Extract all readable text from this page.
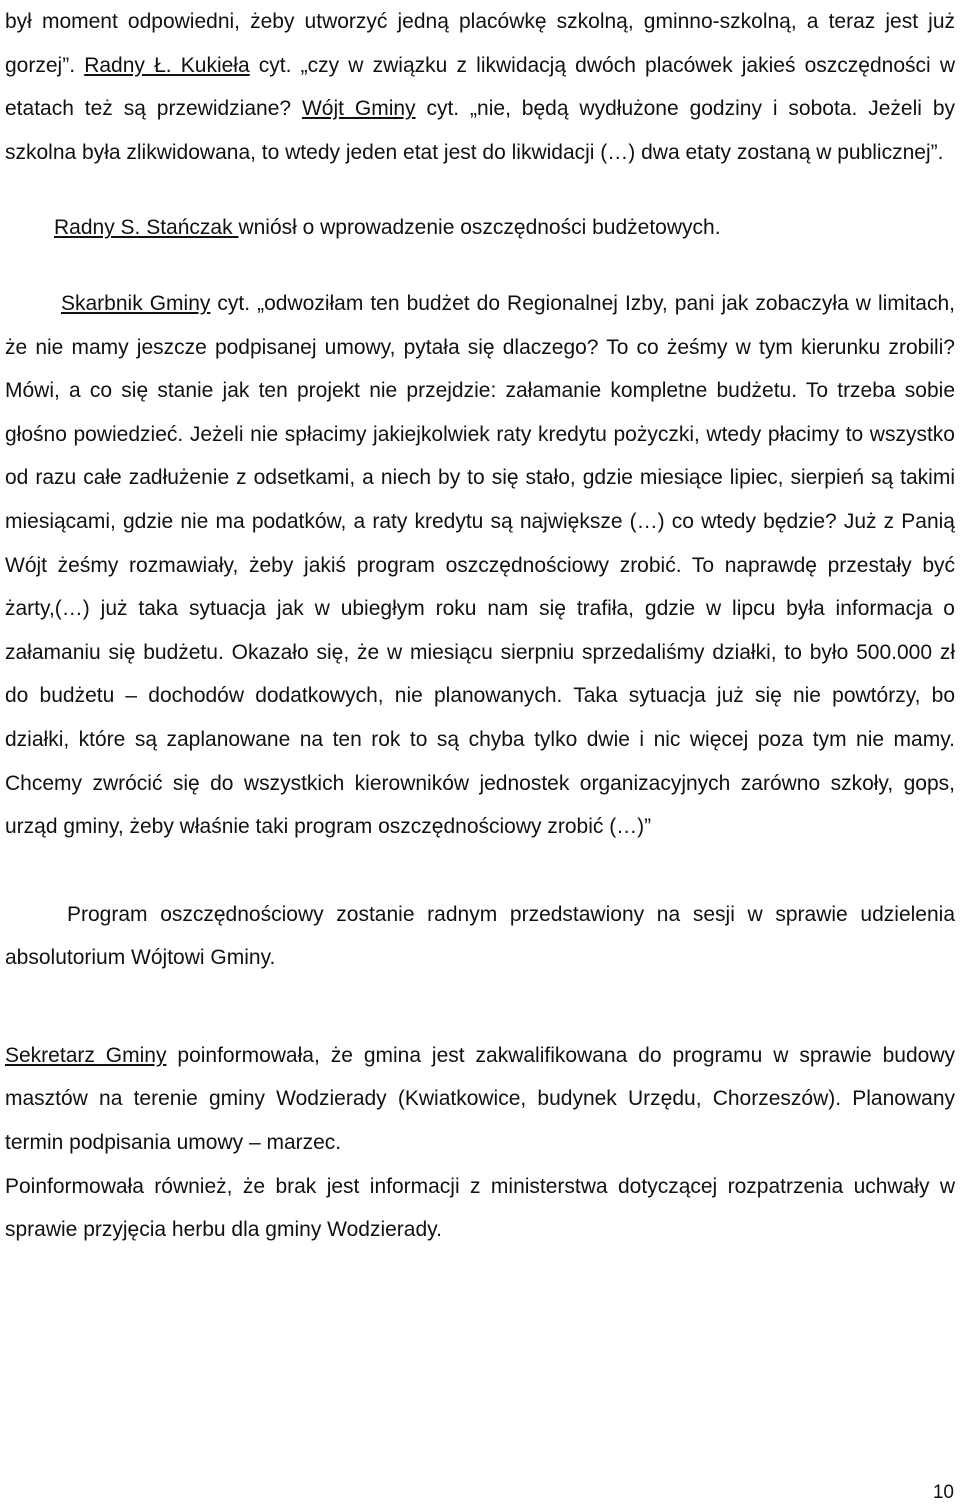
był moment odpowiedni, żeby utworzyć jedną placówkę szkolną, gminno-szkolną, a teraz jest już gorzej”. Radny Ł. Kukieła cyt. „czy w związku z likwidacją dwóch placówek jakieś oszczędności w etatach też są przewidziane? Wójt Gminy cyt. „nie, będą wydłużone godziny i sobota. Jeżeli by szkolna była zlikwidowana, to wtedy jeden etat jest do likwidacji (…) dwa etaty zostaną w publicznej”.

Radny S. Stańczak wniósł o wprowadzenie oszczędności budżetowych.

Skarbnik Gminy cyt. „odwoziłam ten budżet do Regionalnej Izby, pani jak zobaczyła w limitach, że nie mamy jeszcze podpisanej umowy, pytała się dlaczego? To co żeśmy w tym kierunku zrobili? Mówi, a co się stanie jak ten projekt nie przejdzie: załamanie kompletne budżetu. To trzeba sobie głośno powiedzieć. Jeżeli nie spłacimy jakiejkolwiek raty kredytu pożyczki, wtedy płacimy to wszystko od razu całe zadłużenie z odsetkami, a niech by to się stało, gdzie miesiące lipiec, sierpień są takimi miesiącami, gdzie nie ma podatków, a raty kredytu są największe (…) co wtedy będzie? Już z Panią Wójt żeśmy rozmawiały, żeby jakiś program oszczędnościowy zrobić. To naprawdę przestały być żarty,(…) już taka sytuacja jak w ubiegłym roku nam się trafiła, gdzie w lipcu była informacja o załamaniu się budżetu. Okazało się, że w miesiącu sierpniu sprzedaliśmy działki, to było 500.000 zł do budżetu – dochodów dodatkowych, nie planowanych. Taka sytuacja już się nie powtórzy, bo działki, które są zaplanowane na ten rok to są chyba tylko dwie i nic więcej poza tym nie mamy. Chcemy zwrócić się do wszystkich kierowników jednostek organizacyjnych zarówno szkoły, gops, urząd gminy, żeby właśnie taki program oszczędnościowy zrobić (…)”

Program oszczędnościowy zostanie radnym przedstawiony na sesji w sprawie udzielenia absolutorium Wójtowi Gminy.

Sekretarz Gminy poinformowała, że gmina jest zakwalifikowana do programu w sprawie budowy masztów na terenie gminy Wodzierady (Kwiatkowice, budynek Urzędu, Chorzeszów). Planowany termin podpisania umowy – marzec.

Poinformowała również, że brak jest informacji z ministerstwa dotyczącej rozpatrzenia uchwały w sprawie przyjęcia herbu dla gminy Wodzierady.

10
